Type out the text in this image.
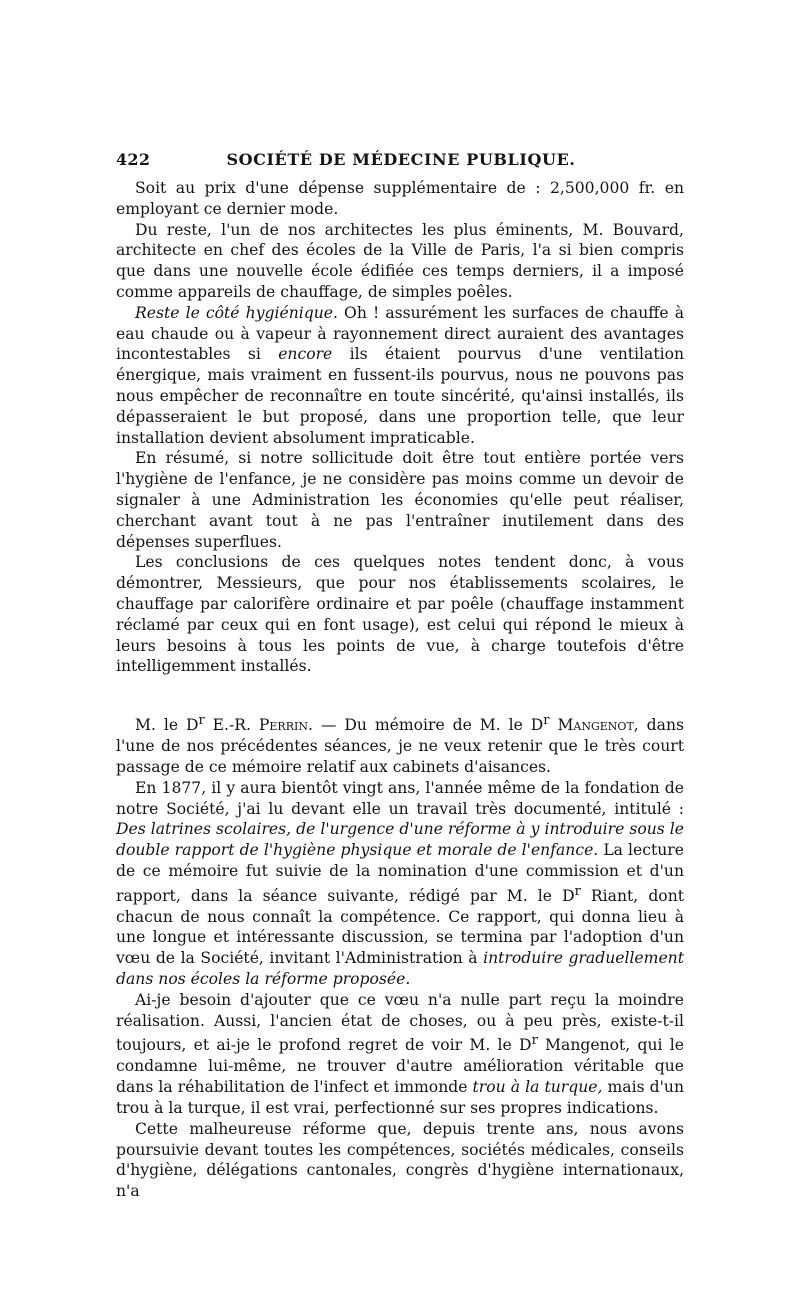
422	SOCIÉTÉ DE MÉDECINE PUBLIQUE.

Soit au prix d'une dépense supplémentaire de : 2,500,000 fr. en employant ce dernier mode.

Du reste, l'un de nos architectes les plus éminents, M. Bouvard, architecte en chef des écoles de la Ville de Paris, l'a si bien compris que dans une nouvelle école édifiée ces temps derniers, il a imposé comme appareils de chauffage, de simples poêles.

Reste le côté hygiénique. Oh ! assurément les surfaces de chauffe à eau chaude ou à vapeur à rayonnement direct auraient des avantages incontestables si encore ils étaient pourvus d'une ventilation énergique, mais vraiment en fussent-ils pourvus, nous ne pouvons pas nous empêcher de reconnaître en toute sincérité, qu'ainsi installés, ils dépasseraient le but proposé, dans une proportion telle, que leur installation devient absolument impraticable.

En résumé, si notre sollicitude doit être tout entière portée vers l'hygiène de l'enfance, je ne considère pas moins comme un devoir de signaler à une Administration les économies qu'elle peut réaliser, cherchant avant tout à ne pas l'entraîner inutilement dans des dépenses superflues.

Les conclusions de ces quelques notes tendent donc, à vous démontrer, Messieurs, que pour nos établissements scolaires, le chauffage par calorifère ordinaire et par poêle (chauffage instamment réclamé par ceux qui en font usage), est celui qui répond le mieux à leurs besoins à tous les points de vue, à charge toutefois d'être intelligemment installés.

M. le $D^r$ E.-R. Perrin. — Du mémoire de M. le $D^r$ Mangenot, dans l'une de nos précédentes séances, je ne veux retenir que le très court passage de ce mémoire relatif aux cabinets d'aisances.

En 1877, il y aura bientôt vingt ans, l'année même de la fondation de notre Société, j'ai lu devant elle un travail très documenté, intitulé : Des latrines scolaires, de l'urgence d'une réforme à y introduire sous le double rapport de l'hygiène physique et morale de l'enfance. La lecture de ce mémoire fut suivie de la nomination d'une commission et d'un rapport, dans la séance suivante, rédigé par M. le $D^r$ Riant, dont chacun de nous connaît la compétence. Ce rapport, qui donna lieu à une longue et intéressante discussion, se termina par l'adoption d'un vœu de la Société, invitant l'Administration à introduire graduellement dans nos écoles la réforme proposée.

Ai-je besoin d'ajouter que ce vœu n'a nulle part reçu la moindre réalisation. Aussi, l'ancien état de choses, ou à peu près, existe-t-il toujours, et ai-je le profond regret de voir M. le $D^r$ Mangenot, qui le condamne lui-même, ne trouver d'autre amélioration véritable que dans la réhabilitation de l'infect et immonde trou à la turque, mais d'un trou à la turque, il est vrai, perfectionné sur ses propres indications.

Cette malheureuse réforme que, depuis trente ans, nous avons poursuivie devant toutes les compétences, sociétés médicales, conseils d'hygiène, délégations cantonales, congrès d'hygiène internationaux, n'a
